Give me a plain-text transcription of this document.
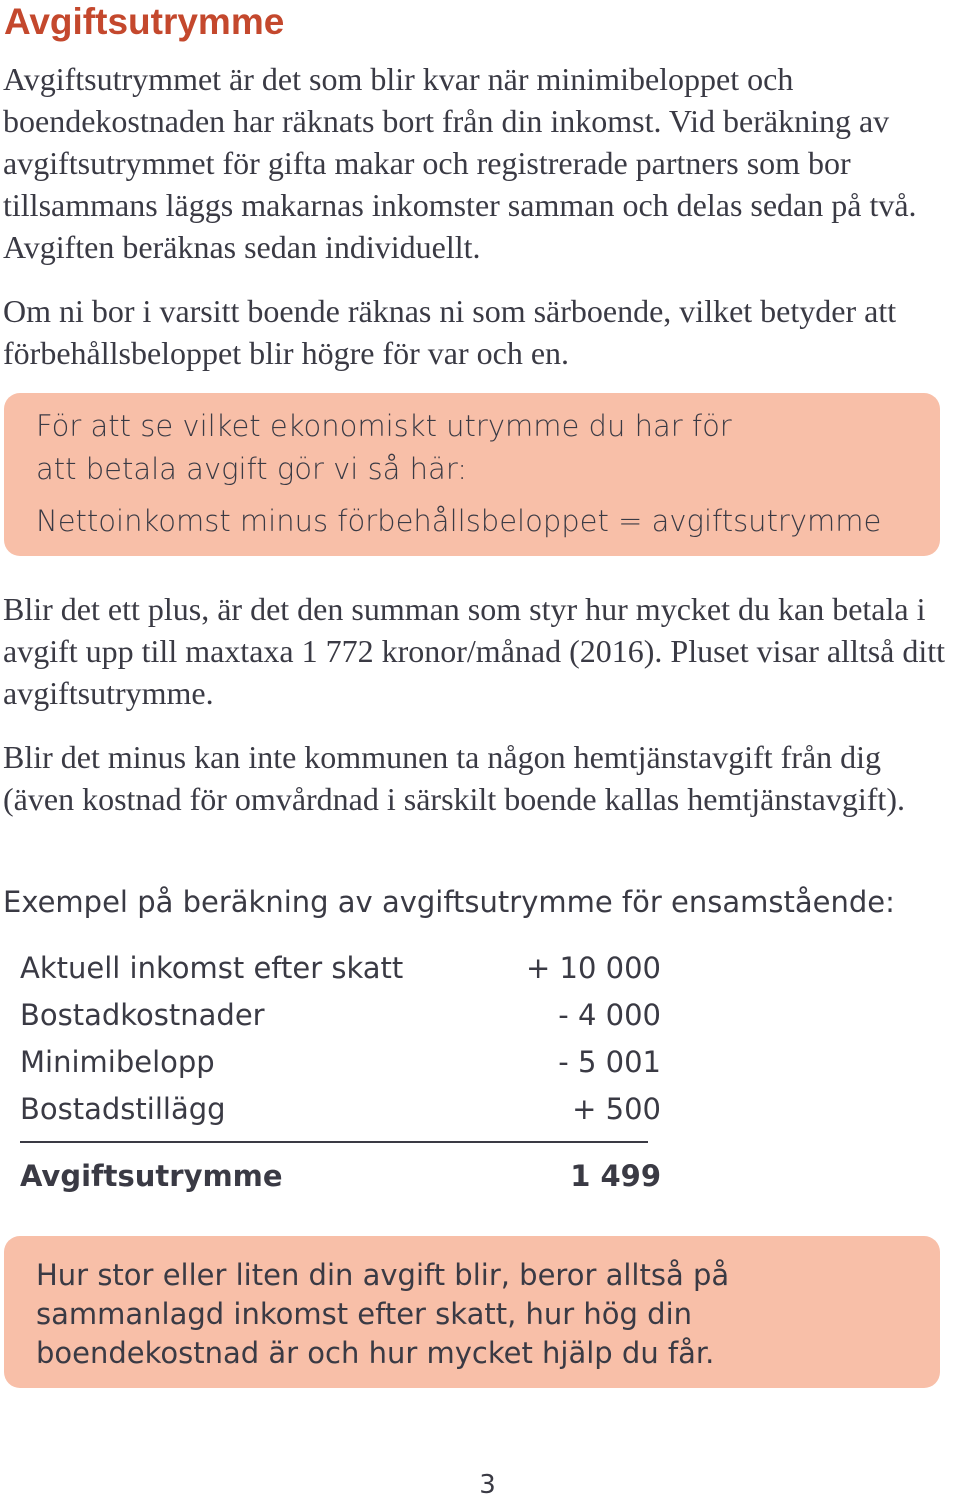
Avgiftsutrymme

Avgiftsutrymmet är det som blir kvar när minimibeloppet och boendekostnaden har räknats bort från din inkomst. Vid beräkning av avgiftsutrymmet för gifta makar och registrerade partners som bor tillsammans läggs makarnas inkomster samman och delas sedan på två. Avgiften beräknas sedan individuellt.

Om ni bor i varsitt boende räknas ni som särboende, vilket betyder att förbehållsbeloppet blir högre för var och en.

För att se vilket ekonomiskt utrymme du har för

att betala avgift gör vi så här:

Nettoinkomst minus förbehållsbeloppet = avgiftsutrymme

Blir det ett plus, är det den summan som styr hur mycket du kan betala i avgift upp till maxtaxa 1 772 kronor/månad (2016). Pluset visar alltså ditt avgiftsutrymme.

Blir det minus kan inte kommunen ta någon hemtjänstavgift från dig (även kostnad för omvårdnad i särskilt boende kallas hemtjänstavgift).

Exempel på beräkning av avgiftsutrymme för ensamstående:

Aktuell inkomst efter skatt	+ 10 000
Bostadkostnader	- 4 000
Minimibelopp	- 5 001
Bostadstillägg	+ 500
Avgiftsutrymme	1 499

Hur stor eller liten din avgift blir, beror alltså på sammanlagd inkomst efter skatt, hur hög din boendekostnad är och hur mycket hjälp du får.

3
